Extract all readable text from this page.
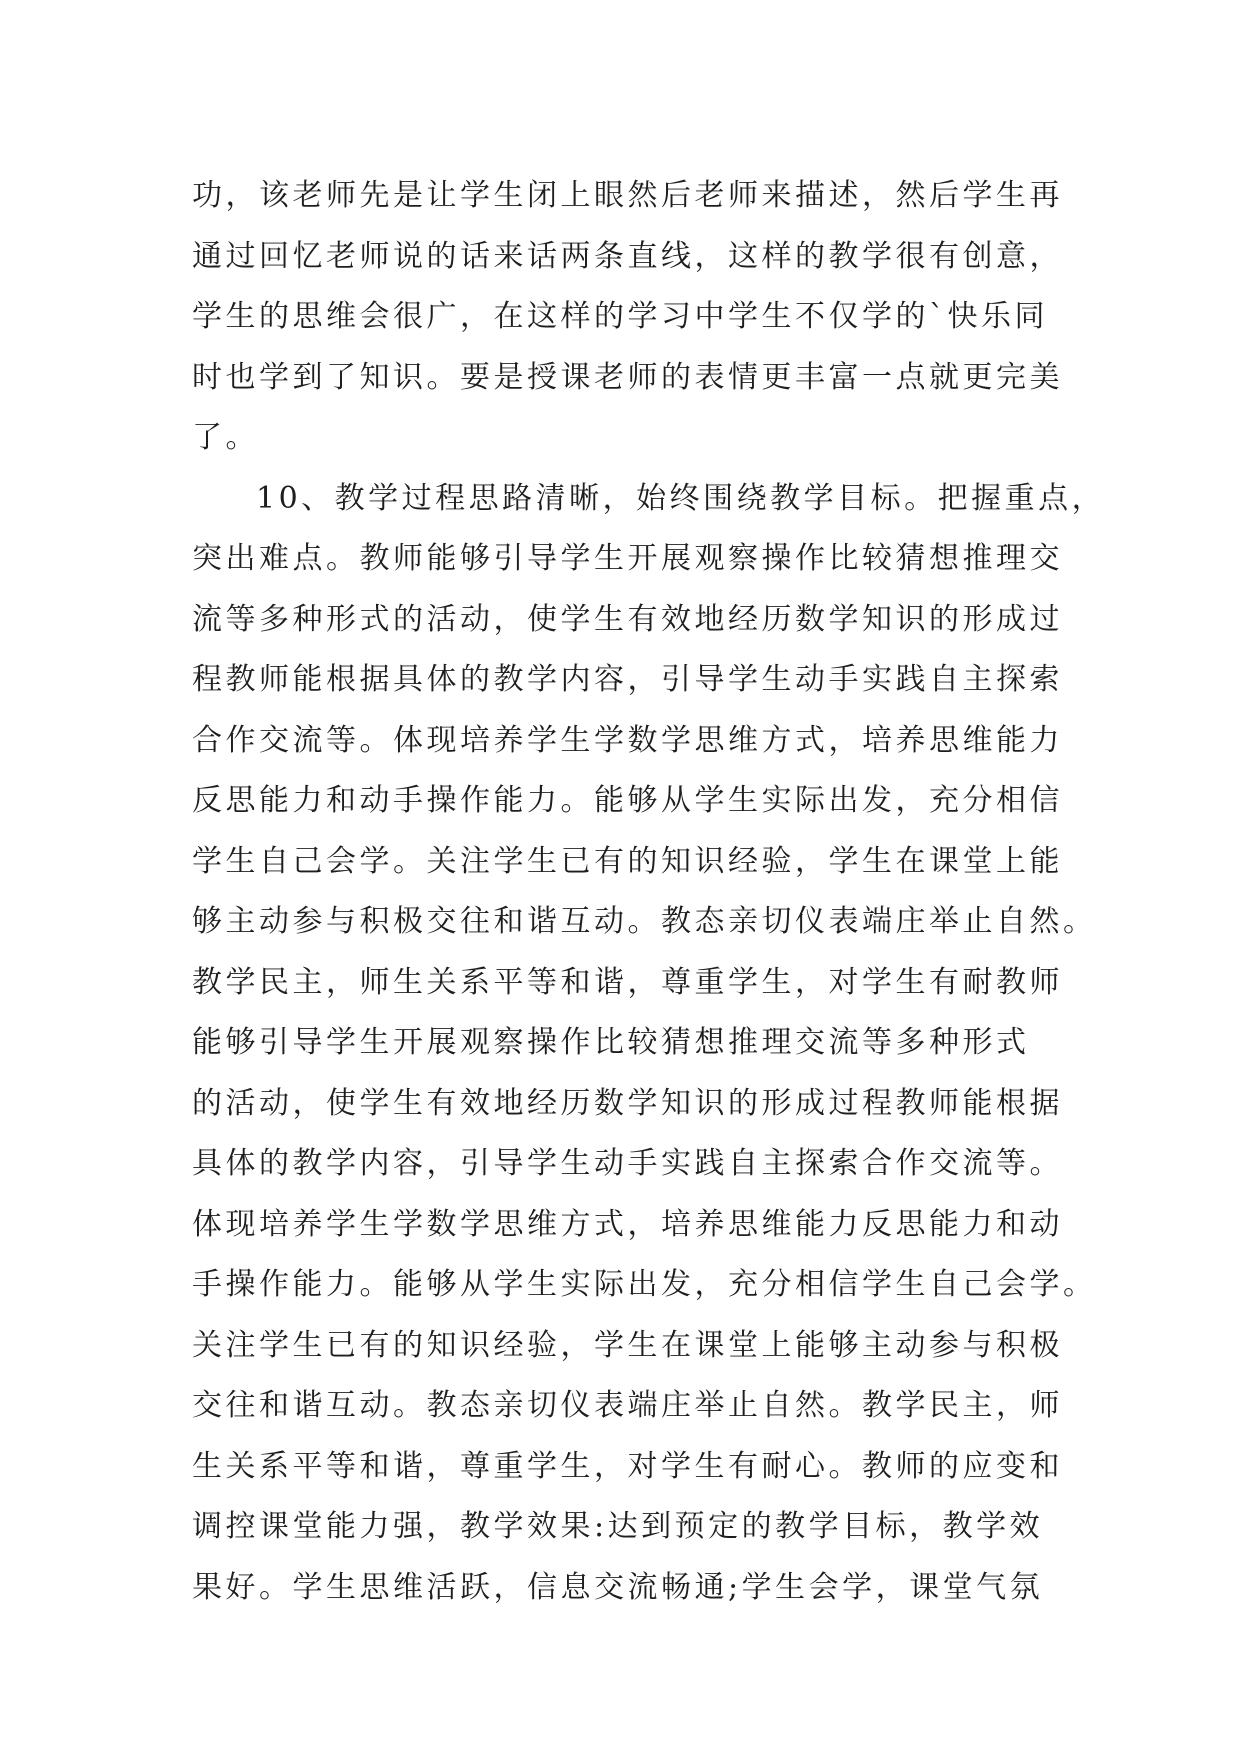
功，该老师先是让学生闭上眼然后老师来描述，然后学生再
通过回忆老师说的话来话两条直线，这样的教学很有创意，
学生的思维会很广，在这样的学习中学生不仅学的`快乐同
时也学到了知识。要是授课老师的表情更丰富一点就更完美
了。
10、教学过程思路清晰，始终围绕教学目标。把握重点，
突出难点。教师能够引导学生开展观察操作比较猜想推理交
流等多种形式的活动，使学生有效地经历数学知识的形成过
程教师能根据具体的教学内容，引导学生动手实践自主探索
合作交流等。体现培养学生学数学思维方式，培养思维能力
反思能力和动手操作能力。能够从学生实际出发，充分相信
学生自己会学。关注学生已有的知识经验，学生在课堂上能
够主动参与积极交往和谐互动。教态亲切仪表端庄举止自然。
教学民主，师生关系平等和谐，尊重学生，对学生有耐教师
能够引导学生开展观察操作比较猜想推理交流等多种形式
的活动，使学生有效地经历数学知识的形成过程教师能根据
具体的教学内容，引导学生动手实践自主探索合作交流等。
体现培养学生学数学思维方式，培养思维能力反思能力和动
手操作能力。能够从学生实际出发，充分相信学生自己会学。
关注学生已有的知识经验，学生在课堂上能够主动参与积极
交往和谐互动。教态亲切仪表端庄举止自然。教学民主，师
生关系平等和谐，尊重学生，对学生有耐心。教师的应变和
调控课堂能力强，教学效果:达到预定的教学目标，教学效
果好。学生思维活跃，信息交流畅通;学生会学，课堂气氛
